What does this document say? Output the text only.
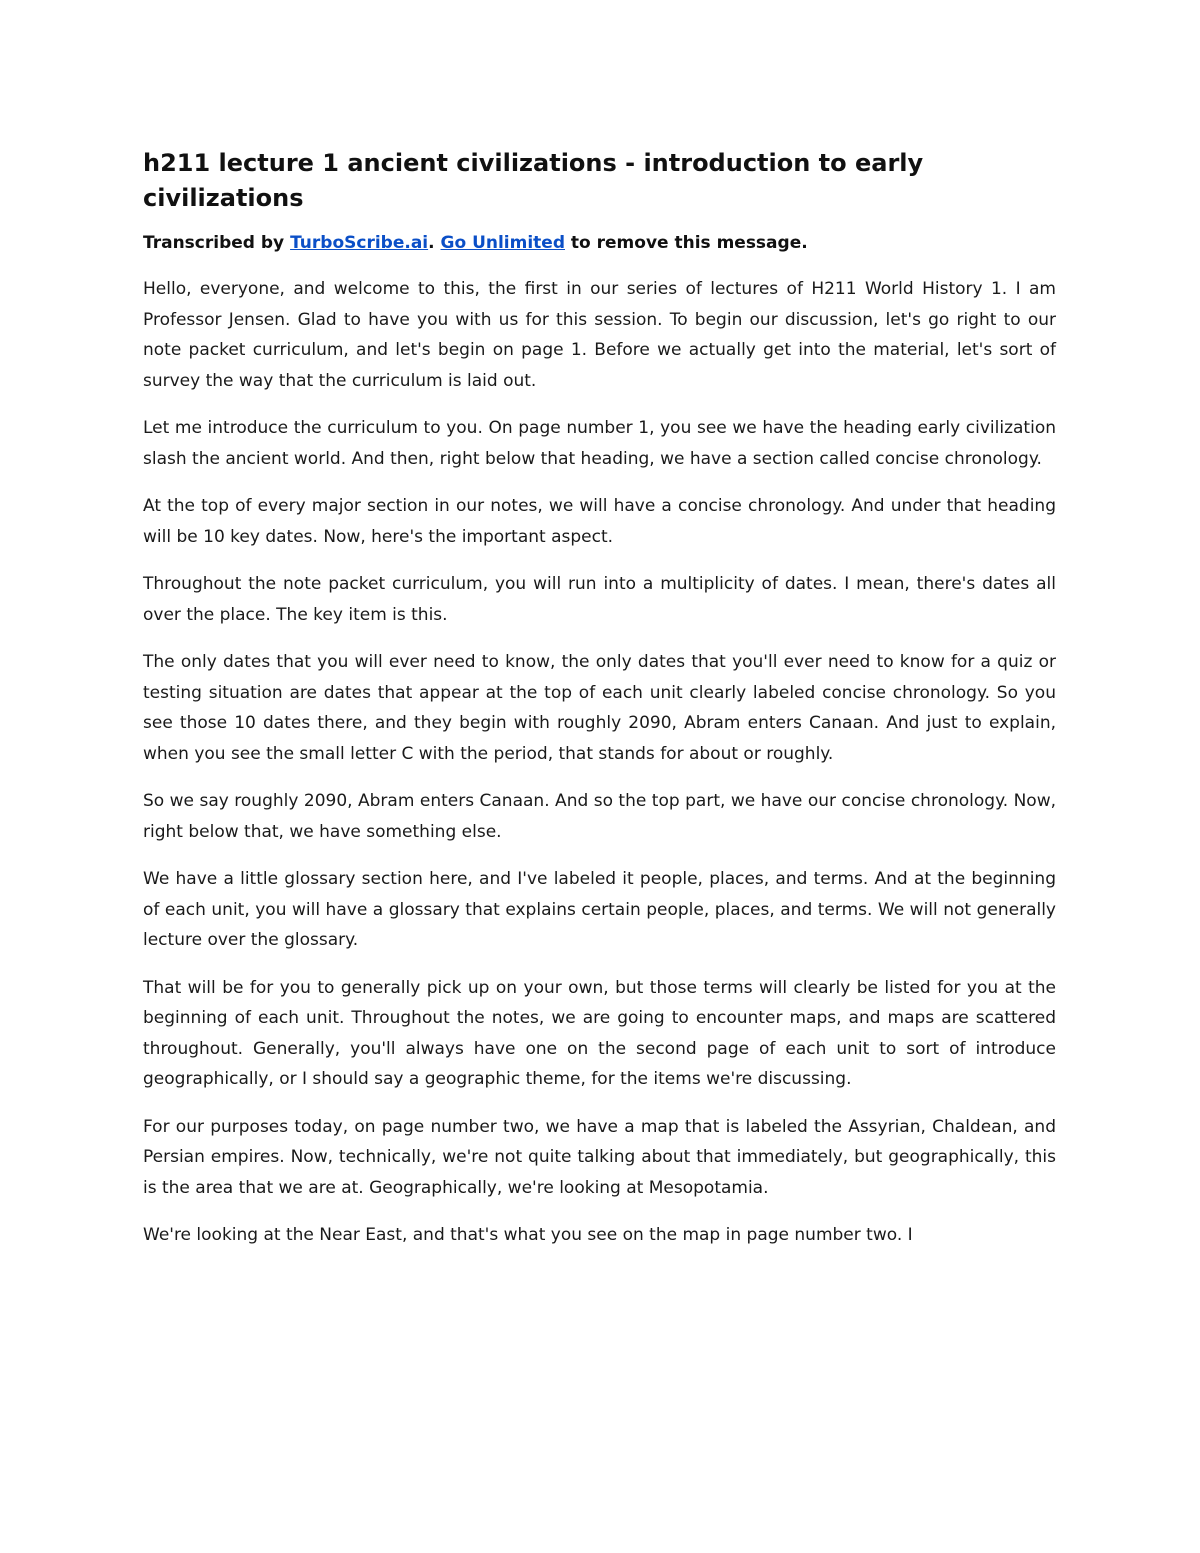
h211 lecture 1 ancient civilizations - introduction to early civilizations

Transcribed by TurboScribe.ai. Go Unlimited to remove this message.

Hello, everyone, and welcome to this, the first in our series of lectures of H211 World History 1. I am Professor Jensen. Glad to have you with us for this session. To begin our discussion, let's go right to our note packet curriculum, and let's begin on page 1. Before we actually get into the material, let's sort of survey the way that the curriculum is laid out.

Let me introduce the curriculum to you. On page number 1, you see we have the heading early civilization slash the ancient world. And then, right below that heading, we have a section called concise chronology.

At the top of every major section in our notes, we will have a concise chronology. And under that heading will be 10 key dates. Now, here's the important aspect.

Throughout the note packet curriculum, you will run into a multiplicity of dates. I mean, there's dates all over the place. The key item is this.

The only dates that you will ever need to know, the only dates that you'll ever need to know for a quiz or testing situation are dates that appear at the top of each unit clearly labeled concise chronology. So you see those 10 dates there, and they begin with roughly 2090, Abram enters Canaan. And just to explain, when you see the small letter C with the period, that stands for about or roughly.

So we say roughly 2090, Abram enters Canaan. And so the top part, we have our concise chronology. Now, right below that, we have something else.

We have a little glossary section here, and I've labeled it people, places, and terms. And at the beginning of each unit, you will have a glossary that explains certain people, places, and terms. We will not generally lecture over the glossary.

That will be for you to generally pick up on your own, but those terms will clearly be listed for you at the beginning of each unit. Throughout the notes, we are going to encounter maps, and maps are scattered throughout. Generally, you'll always have one on the second page of each unit to sort of introduce geographically, or I should say a geographic theme, for the items we're discussing.

For our purposes today, on page number two, we have a map that is labeled the Assyrian, Chaldean, and Persian empires. Now, technically, we're not quite talking about that immediately, but geographically, this is the area that we are at. Geographically, we're looking at Mesopotamia.

We're looking at the Near East, and that's what you see on the map in page number two. I
